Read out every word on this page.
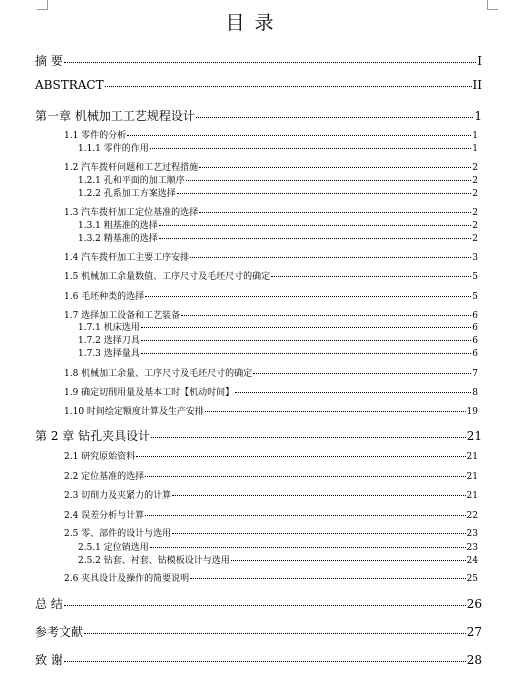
目录
摘 要	I
ABSTRACT	II
第一章 机械加工工艺规程设计	1
1.1 零件的分析	1
1.1.1 零件的作用	1
1.2 汽车拨杆问题和工艺过程措施	2
1.2.1 孔和平面的加工顺序	2
1.2.2 孔系加工方案选择	2
1.3 汽车拨杆加工定位基准的选择	2
1.3.1 粗基准的选择	2
1.3.2 精基准的选择	2
1.4 汽车拨杆加工主要工序安排	3
1.5 机械加工余量数值、工序尺寸及毛坯尺寸的确定	5
1.6 毛坯种类的选择	5
1.7 选择加工设备和工艺装备	6
1.7.1 机床选用	6
1.7.2 选择刀具	6
1.7.3 选择量具	6
1.8 机械加工余量、工序尺寸及毛坯尺寸的确定	7
1.9 确定切削用量及基本工时【机动时间】	8
1.10 时间绘定额度计算及生产安排	19
第 2 章 钻孔夹具设计	21
2.1 研究原始资料	21
2.2 定位基准的选择	21
2.3 切削力及夹紧力的计算	21
2.4 误差分析与计算	22
2.5 零、部件的设计与选用	23
2.5.1 定位销选用	23
2.5.2 钻套、衬套、钻模板设计与选用	24
2.6 夹具设计及操作的简要说明	25
总 结	26
参考文献	27
致 谢	28
